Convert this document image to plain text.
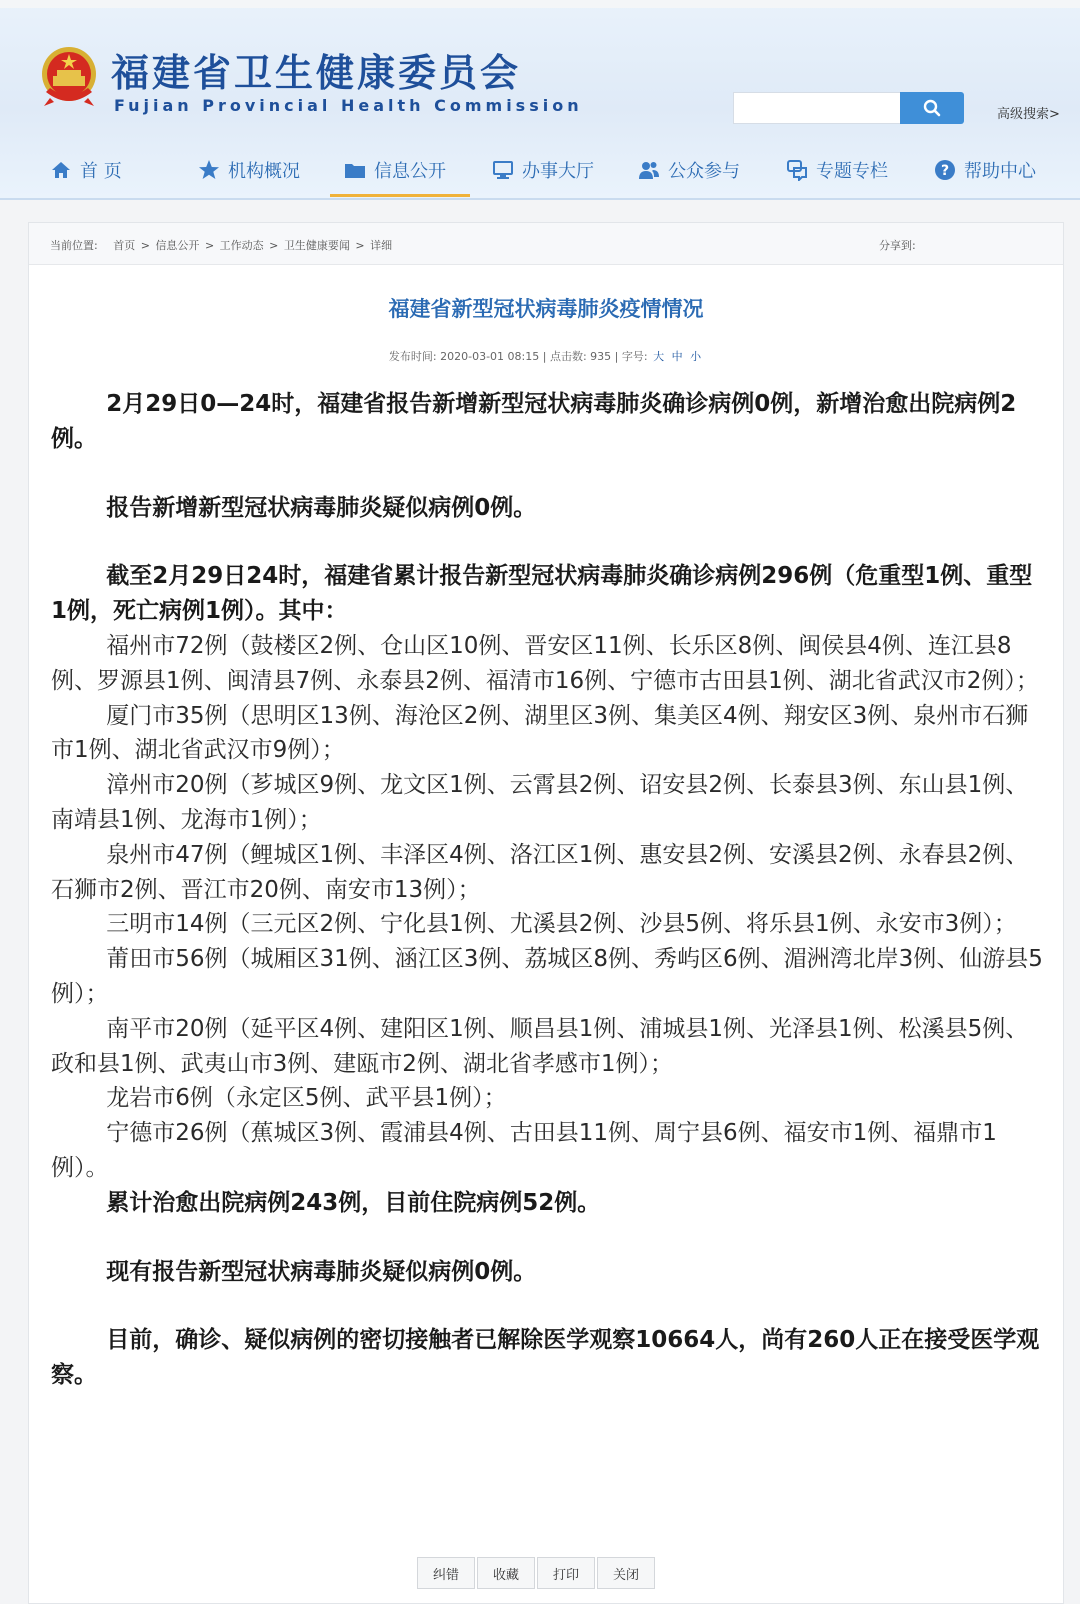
福建省卫生健康委员会
Fujian Provincial Health Commission	高级搜索>
首 页	机构概况	信息公开	办事大厅	公众参与	专题专栏	? 帮助中心
当前位置: 首页 > 信息公开 > 工作动态 > 卫生健康要闻 > 详细	分享到:
福建省新型冠状病毒肺炎疫情情况
发布时间: 2020-03-01 08:15 | 点击数: 935 | 字号: 大 中 小

2月29日0—24时，福建省报告新增新型冠状病毒肺炎确诊病例0例，新增治愈出院病例2例。

报告新增新型冠状病毒肺炎疑似病例0例。

截至2月29日24时，福建省累计报告新型冠状病毒肺炎确诊病例296例（危重型1例、重型1例，死亡病例1例）。其中：

福州市72例（鼓楼区2例、仓山区10例、晋安区11例、长乐区8例、闽侯县4例、连江县8例、罗源县1例、闽清县7例、永泰县2例、福清市16例、宁德市古田县1例、湖北省武汉市2例）；

厦门市35例（思明区13例、海沧区2例、湖里区3例、集美区4例、翔安区3例、泉州市石狮市1例、湖北省武汉市9例）；

漳州市20例（芗城区9例、龙文区1例、云霄县2例、诏安县2例、长泰县3例、东山县1例、南靖县1例、龙海市1例）；

泉州市47例（鲤城区1例、丰泽区4例、洛江区1例、惠安县2例、安溪县2例、永春县2例、石狮市2例、晋江市20例、南安市13例）；

三明市14例（三元区2例、宁化县1例、尤溪县2例、沙县5例、将乐县1例、永安市3例）；

莆田市56例（城厢区31例、涵江区3例、荔城区8例、秀屿区6例、湄洲湾北岸3例、仙游县5例）；

南平市20例（延平区4例、建阳区1例、顺昌县1例、浦城县1例、光泽县1例、松溪县5例、政和县1例、武夷山市3例、建瓯市2例、湖北省孝感市1例）；

龙岩市6例（永定区5例、武平县1例）；

宁德市26例（蕉城区3例、霞浦县4例、古田县11例、周宁县6例、福安市1例、福鼎市1例）。

累计治愈出院病例243例，目前住院病例52例。

现有报告新型冠状病毒肺炎疑似病例0例。

目前，确诊、疑似病例的密切接触者已解除医学观察10664人，尚有260人正在接受医学观察。

纠错	收藏	打印	关闭
